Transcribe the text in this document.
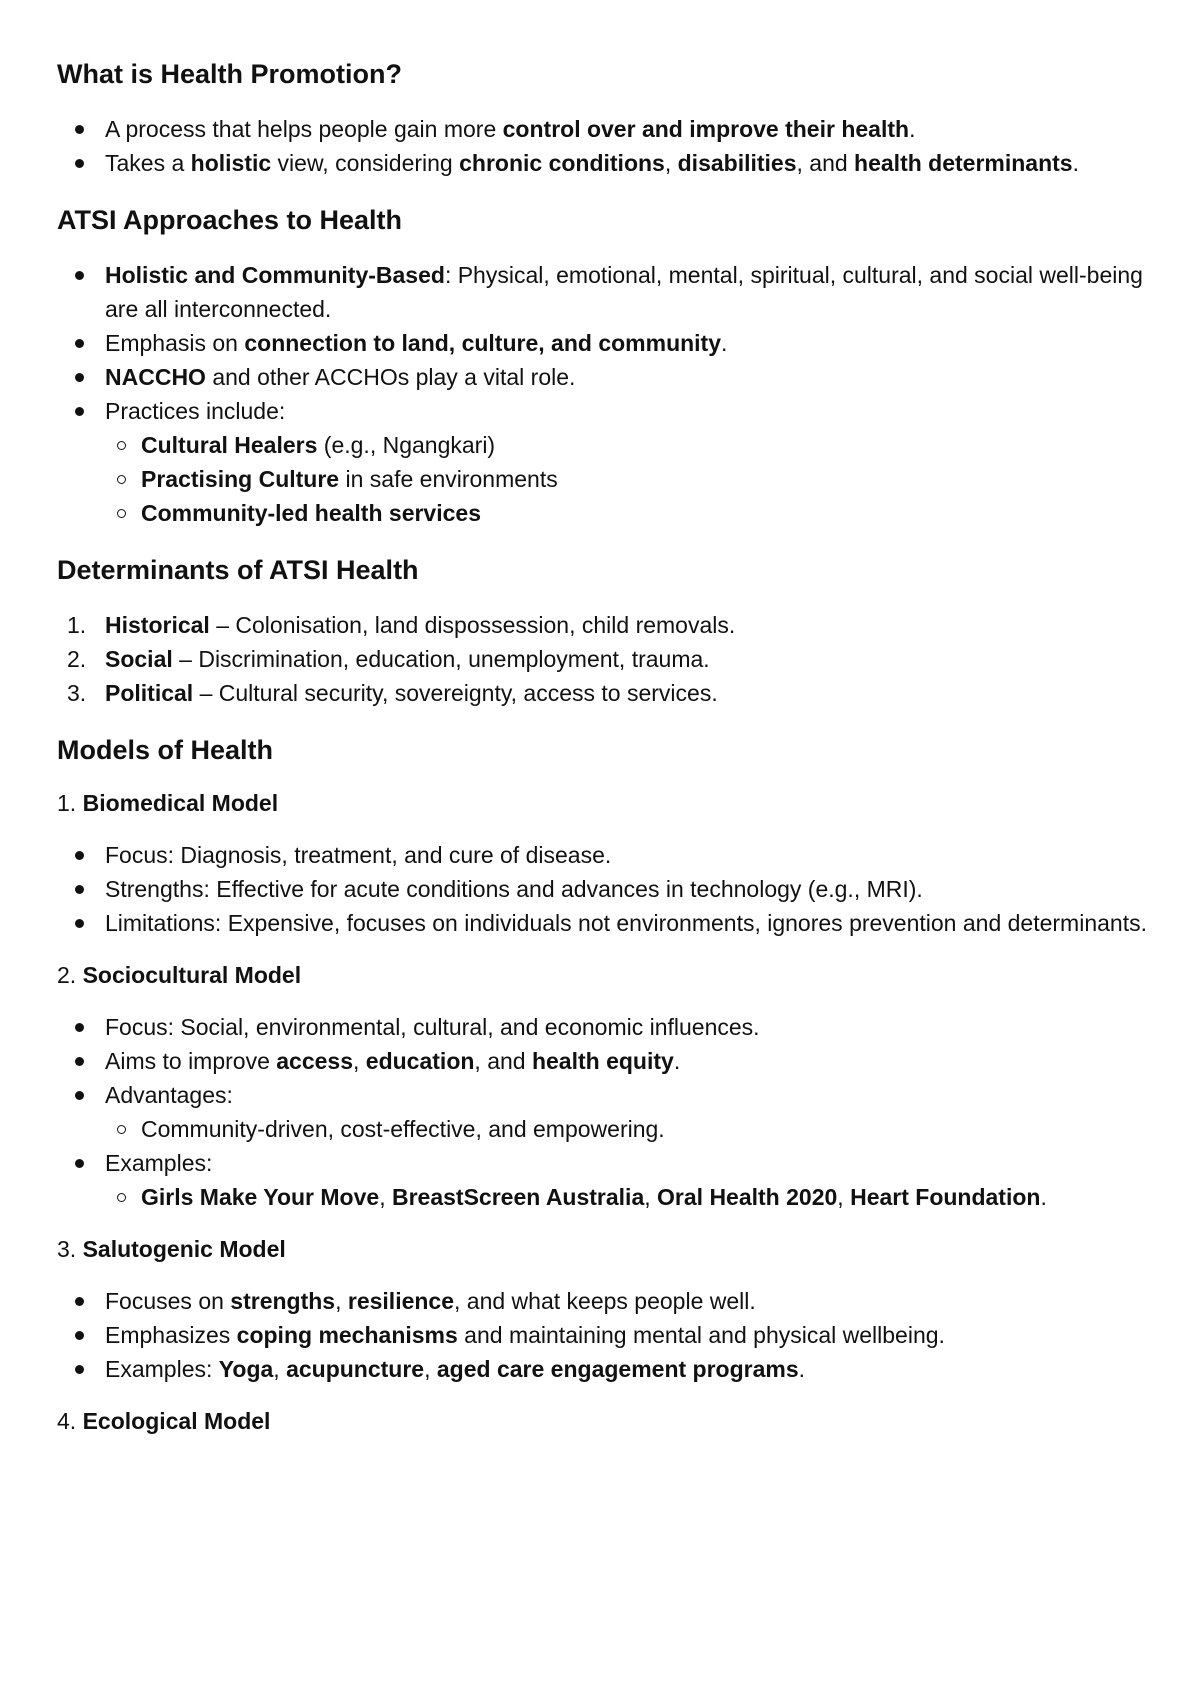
What is Health Promotion?
A process that helps people gain more control over and improve their health.
Takes a holistic view, considering chronic conditions, disabilities, and health determinants.
ATSI Approaches to Health
Holistic and Community-Based: Physical, emotional, mental, spiritual, cultural, and social well-being are all interconnected.
Emphasis on connection to land, culture, and community.
NACCHO and other ACCHOs play a vital role.
Practices include:
Cultural Healers (e.g., Ngangkari)
Practising Culture in safe environments
Community-led health services
Determinants of ATSI Health
1. Historical – Colonisation, land dispossession, child removals.
2. Social – Discrimination, education, unemployment, trauma.
3. Political – Cultural security, sovereignty, access to services.
Models of Health
1. Biomedical Model
Focus: Diagnosis, treatment, and cure of disease.
Strengths: Effective for acute conditions and advances in technology (e.g., MRI).
Limitations: Expensive, focuses on individuals not environments, ignores prevention and determinants.
2. Sociocultural Model
Focus: Social, environmental, cultural, and economic influences.
Aims to improve access, education, and health equity.
Advantages:
Community-driven, cost-effective, and empowering.
Examples:
Girls Make Your Move, BreastScreen Australia, Oral Health 2020, Heart Foundation.
3. Salutogenic Model
Focuses on strengths, resilience, and what keeps people well.
Emphasizes coping mechanisms and maintaining mental and physical wellbeing.
Examples: Yoga, acupuncture, aged care engagement programs.
4. Ecological Model
